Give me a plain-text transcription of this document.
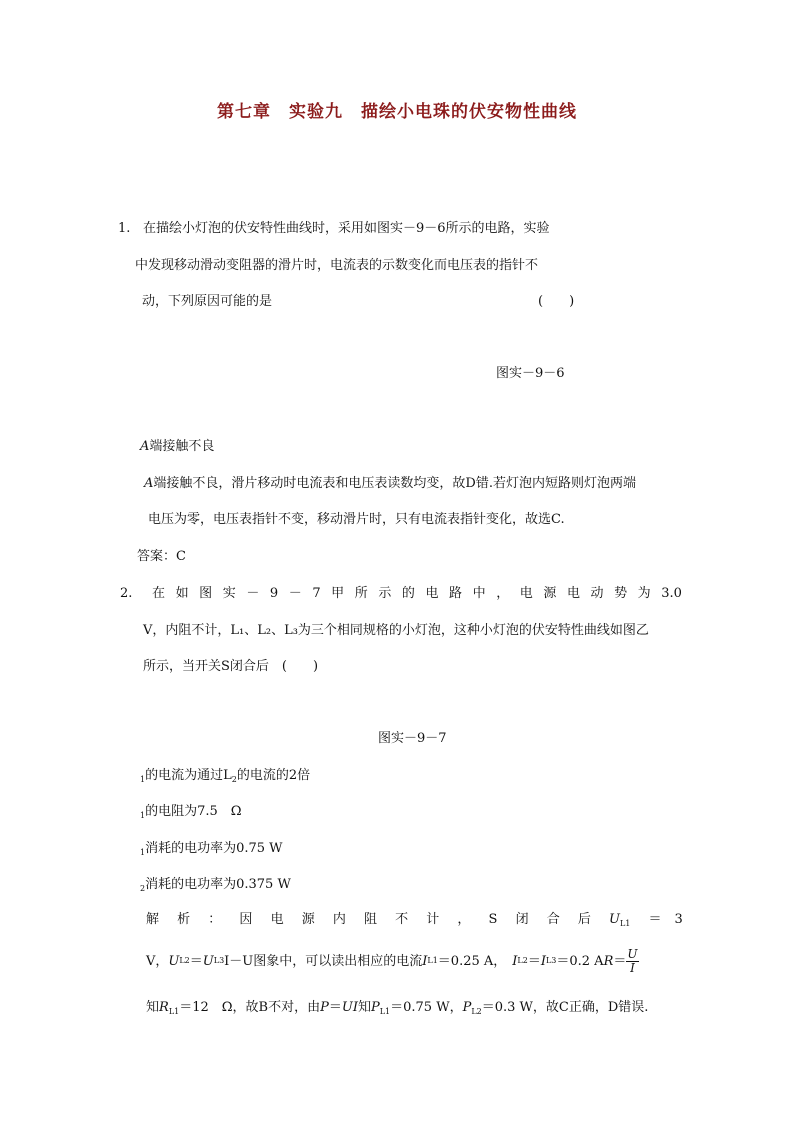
第七章　实验九　描绘小电珠的伏安物性曲线
1. 在描绘小灯泡的伏安特性曲线时，采用如图实－9－6所示的电路，实验
中发现移动滑动变阻器的滑片时，电流表的示数变化而电压表的指针不
动，下列原因可能的是	(　　)
图实－9－6
A端接触不良
A端接触不良，滑片移动时电流表和电压表读数均变，故D错.若灯泡内短路则灯泡两端
电压为零，电压表指针不变，移动滑片时，只有电流表指针变化，故选C.
答案：C
2. 在 如 图 实 － 9 － 7 甲 所 示 的 电 路 中 ， 电 源 电 动 势 为 3.0
V，内阻不计，L₁、L₂、L₃为三个相同规格的小灯泡，这种小灯泡的伏安特性曲线如图乙
所示，当开关S闭合后　(　　)
图实－9－7
$_1$的电流为通过$L_2$的电流的2倍
$_1$的电阻为7.5　Ω
$_1$消耗的电功率为0.75 W
$_2$消耗的电功率为0.375 W
解 析 ： 因 电 源 内 阻 不 计 ， S 闭 合 后 $U_{L1}$ ＝　3
V， U L2 ＝ U L3 I－U图象中，可以读出相应的电流 I L1 ＝0.25 A， I L2 ＝ I L3 ＝0.2 A $R = \frac{U}{I}$
知$R_{L1}=12$　Ω，故B不对，由P＝UI知$P_{L1}=0.75$ W，$P_{L2}=0.3$ W，故C正确，D错误.
